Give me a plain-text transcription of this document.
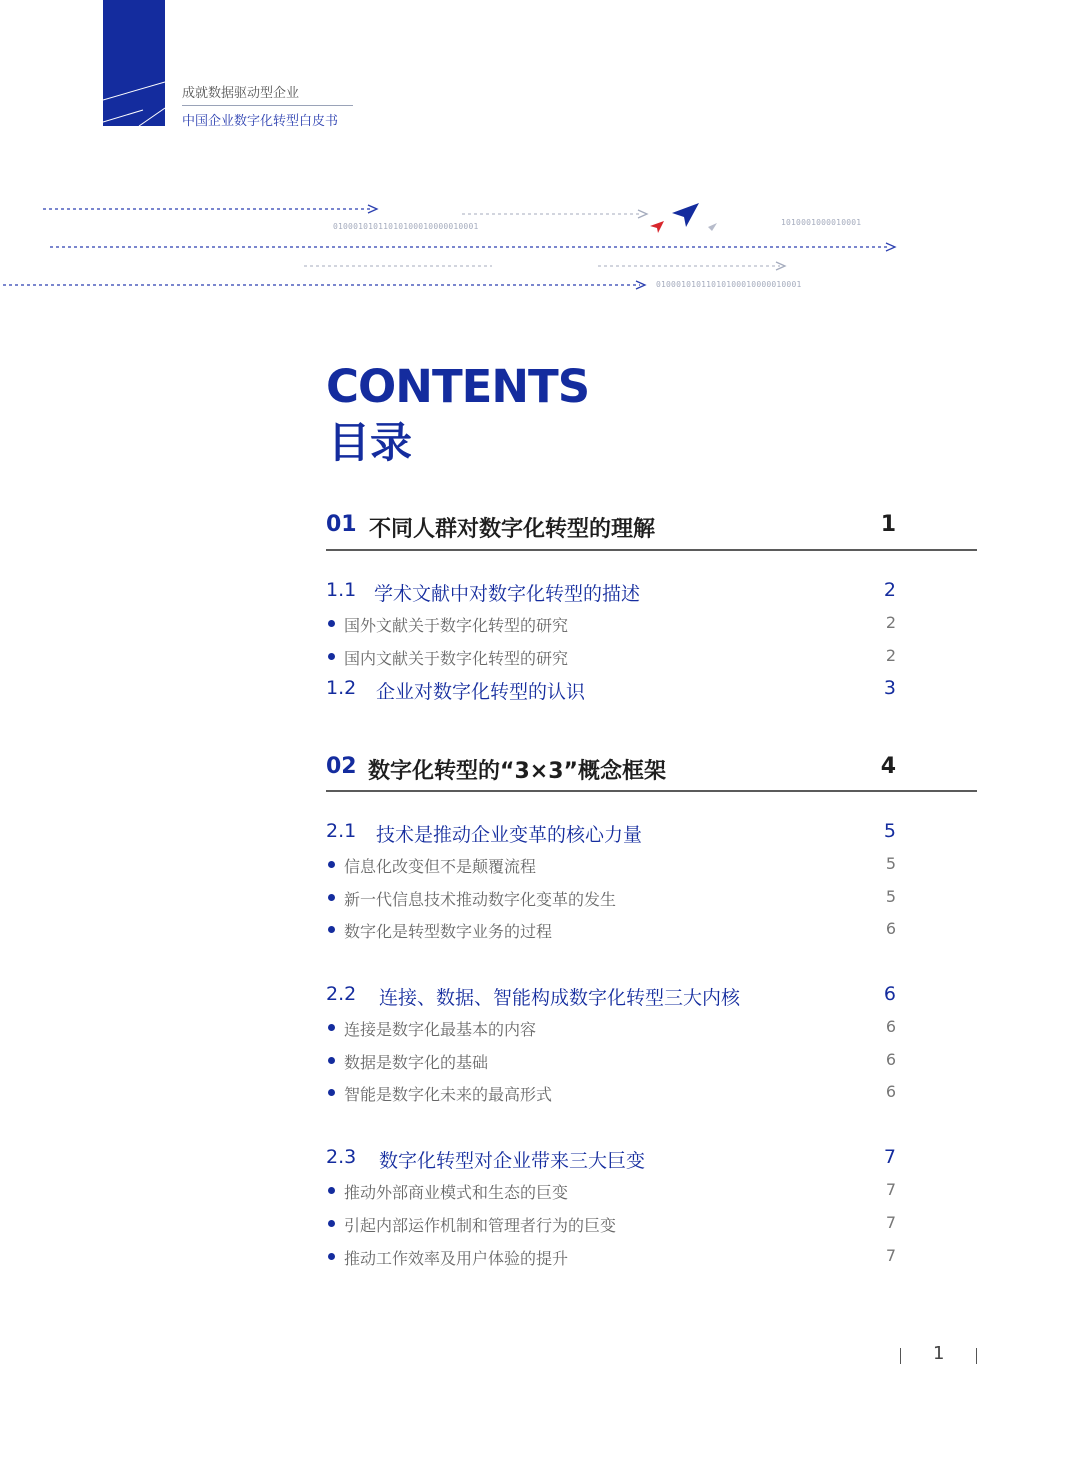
成就数据驱动型企业
中国企业数字化转型白皮书
01000101011010100010000010001	1010001000010001
01000101011010100010000010001
CONTENTS
目录
01 不同人群对数字化转型的理解	1
1.1 学术文献中对数字化转型的描述	2
国外文献关于数字化转型的研究	2
国内文献关于数字化转型的研究	2
1.2 企业对数字化转型的认识	3
02 数字化转型的“3×3”概念框架	4
2.1 技术是推动企业变革的核心力量	5
信息化改变但不是颠覆流程	5
新一代信息技术推动数字化变革的发生	5
数字化是转型数字业务的过程	6
2.2 连接、数据、智能构成数字化转型三大内核	6
连接是数字化最基本的内容	6
数据是数字化的基础	6
智能是数字化未来的最高形式	6
2.3 数字化转型对企业带来三大巨变	7
推动外部商业模式和生态的巨变	7
引起内部运作机制和管理者行为的巨变	7
推动工作效率及用户体验的提升	7
1
